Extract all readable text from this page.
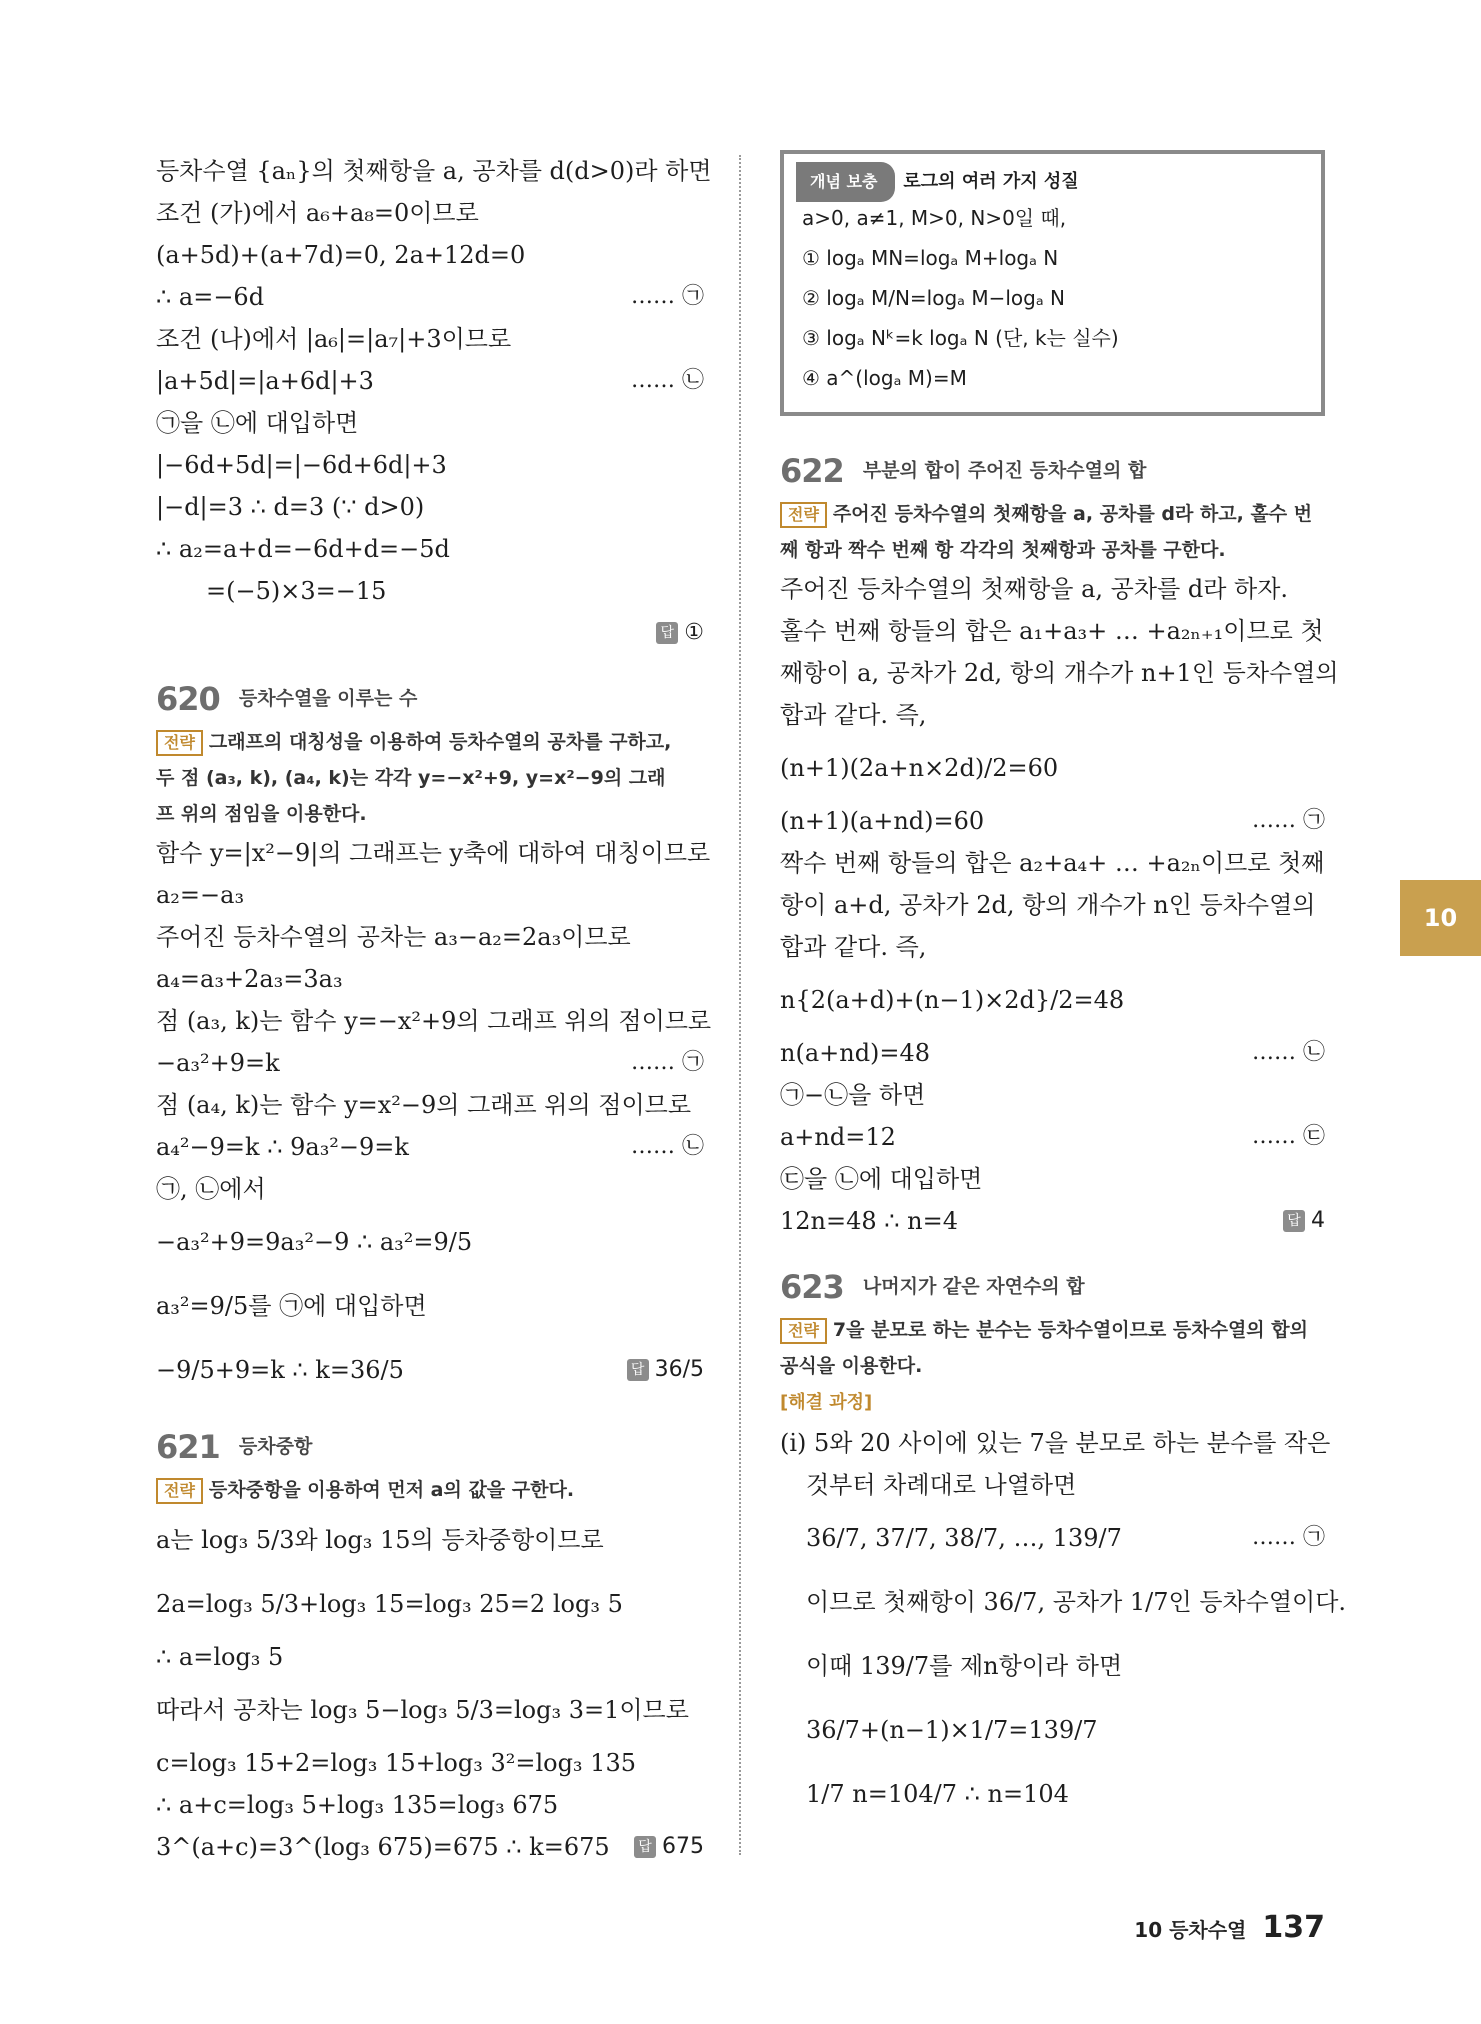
등차수열 {aₙ}의 첫째항을 a, 공차를 d(d>0)라 하면
조건 (가)에서 a₆+a₈=0이므로
(a+5d)+(a+7d)=0, 2a+12d=0
∴ a=−6d	…… ㉠
조건 (나)에서 |a₆|=|a₇|+3이므로
|a+5d|=|a+6d|+3	…… ㉡
㉠을 ㉡에 대입하면
|−6d+5d|=|−6d+6d|+3
|−d|=3 ∴ d=3 (∵ d>0)
∴ a₂=a+d=−6d+d=−5d
=(−5)×3=−15
답 ①
620 등차수열을 이루는 수
전략 그래프의 대칭성을 이용하여 등차수열의 공차를 구하고,
두 점 (a₃, k), (a₄, k)는 각각 y=−x²+9, y=x²−9의 그래
프 위의 점임을 이용한다.
함수 y=|x²−9|의 그래프는 y축에 대하여 대칭이므로
a₂=−a₃
주어진 등차수열의 공차는 a₃−a₂=2a₃이므로
a₄=a₃+2a₃=3a₃
점 (a₃, k)는 함수 y=−x²+9의 그래프 위의 점이므로
−a₃²+9=k	…… ㉠
점 (a₄, k)는 함수 y=x²−9의 그래프 위의 점이므로
a₄²−9=k ∴ 9a₃²−9=k	…… ㉡
㉠, ㉡에서
−a₃²+9=9a₃²−9 ∴ a₃²=9/5
a₃²=9/5를 ㉠에 대입하면
−9/5+9=k ∴ k=36/5	답 36/5
621 등차중항
전략 등차중항을 이용하여 먼저 a의 값을 구한다.
a는 log₃ 5/3와 log₃ 15의 등차중항이므로
2a=log₃ 5/3+log₃ 15=log₃ 25=2 log₃ 5
∴ a=log₃ 5
따라서 공차는 log₃ 5−log₃ 5/3=log₃ 3=1이므로
c=log₃ 15+2=log₃ 15+log₃ 3²=log₃ 135
∴ a+c=log₃ 5+log₃ 135=log₃ 675
3^(a+c)=3^(log₃ 675)=675 ∴ k=675	답 675
개념 보충 로그의 여러 가지 성질
a>0, a≠1, M>0, N>0일 때,
① logₐ MN=logₐ M+logₐ N
② logₐ M/N=logₐ M−logₐ N
③ logₐ Nᵏ=k logₐ N (단, k는 실수)
④ a^(logₐ M)=M
622 부분의 합이 주어진 등차수열의 합
전략 주어진 등차수열의 첫째항을 a, 공차를 d라 하고, 홀수 번
째 항과 짝수 번째 항 각각의 첫째항과 공차를 구한다.
주어진 등차수열의 첫째항을 a, 공차를 d라 하자.
홀수 번째 항들의 합은 a₁+a₃+ … +a₂ₙ₊₁이므로 첫
째항이 a, 공차가 2d, 항의 개수가 n+1인 등차수열의
합과 같다. 즉,
(n+1)(2a+n×2d)/2=60
(n+1)(a+nd)=60	…… ㉠
짝수 번째 항들의 합은 a₂+a₄+ … +a₂ₙ이므로 첫째
항이 a+d, 공차가 2d, 항의 개수가 n인 등차수열의
합과 같다. 즉,
n{2(a+d)+(n−1)×2d}/2=48
n(a+nd)=48	…… ㉡
㉠−㉡을 하면
a+nd=12	…… ㉢
㉢을 ㉡에 대입하면
12n=48 ∴ n=4	답 4
623 나머지가 같은 자연수의 합
전략 7을 분모로 하는 분수는 등차수열이므로 등차수열의 합의
공식을 이용한다.
[해결 과정]
(i) 5와 20 사이에 있는 7을 분모로 하는 분수를 작은
것부터 차례대로 나열하면
36/7, 37/7, 38/7, …, 139/7	…… ㉠
이므로 첫째항이 36/7, 공차가 1/7인 등차수열이다.
이때 139/7를 제n항이라 하면
36/7+(n−1)×1/7=139/7
1/7 n=104/7 ∴ n=104
10
10 등차수열 137
